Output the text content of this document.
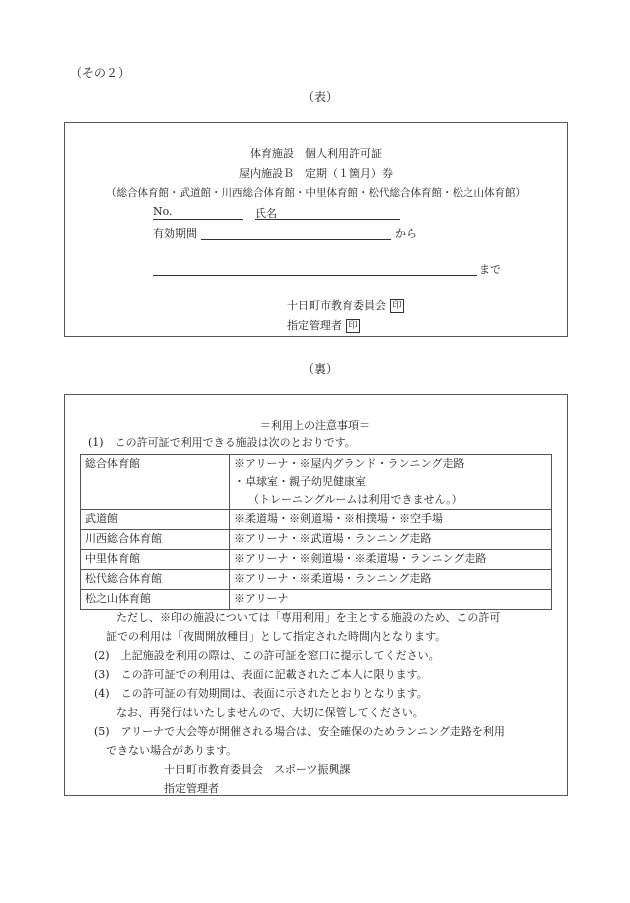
（その２）
（表）
体育施設　個人利用許可証
屋内施設Ｂ　定期（１箇月）券
（総合体育館・武道館・川西総合体育館・中里体育館・松代総合体育館・松之山体育館）
No.	氏名
有効期間	から
まで
十日町市教育委員会 印
指定管理者 印
（裏）
＝利用上の注意事項＝
(1)　この許可証で利用できる施設は次のとおりです。
総合体育館	※アリーナ・※屋内グランド・ランニング走路
・卓球室・親子幼児健康室
（トレーニングルームは利用できません。）

武道館	※柔道場・※剣道場・※相撲場・※空手場
川西総合体育館	※アリーナ・※武道場・ランニング走路
中里体育館	※アリーナ・※剣道場・※柔道場・ランニング走路
松代総合体育館	※アリーナ・※柔道場・ランニング走路
松之山体育館	※アリーナ
ただし、※印の施設については「専用利用」を主とする施設のため、この許可
証での利用は「夜間開放種目」として指定された時間内となります。
(2)　上記施設を利用の際は、この許可証を窓口に提示してください。
(3)　この許可証での利用は、表面に記載されたご本人に限ります。
(4)　この許可証の有効期間は、表面に示されたとおりとなります。
なお、再発行はいたしませんので、大切に保管してください。
(5)　アリーナで大会等が開催される場合は、安全確保のためランニング走路を利用
できない場合があります。
十日町市教育委員会　スポーツ振興課
指定管理者
